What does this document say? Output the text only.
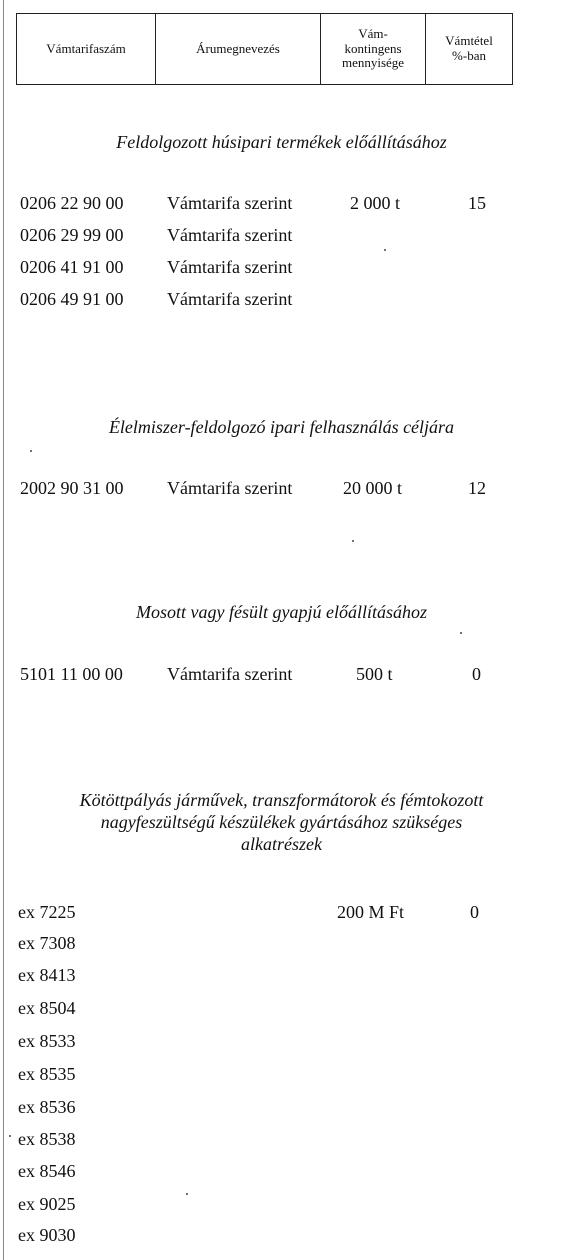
Vámtarifaszám	Árumegnevezés	Vám-
kontingens
mennyisége	Vámtétel
%-ban
Feldolgozott húsipari termékek előállításához
0206 22 90 00 Vámtarifa szerint	2 000 t	15
0206 29 99 00 Vámtarifa szerint
0206 41 91 00 Vámtarifa szerint
0206 49 91 00 Vámtarifa szerint
Élelmiszer-feldolgozó ipari felhasználás céljára
2002 90 31 00 Vámtarifa szerint	20 000 t	12
Mosott vagy fésült gyapjú előállításához
5101 11 00 00 Vámtarifa szerint	500 t	0
Kötöttpályás járművek, transzformátorok és fémtokozott
nagyfeszültségű készülékek gyártásához szükséges
alkatrészek
ex 7225	200 M Ft	0
ex 7308
ex 8413
ex 8504
ex 8533
ex 8535
ex 8536
ex 8538
ex 8546
ex 9025
ex 9030
